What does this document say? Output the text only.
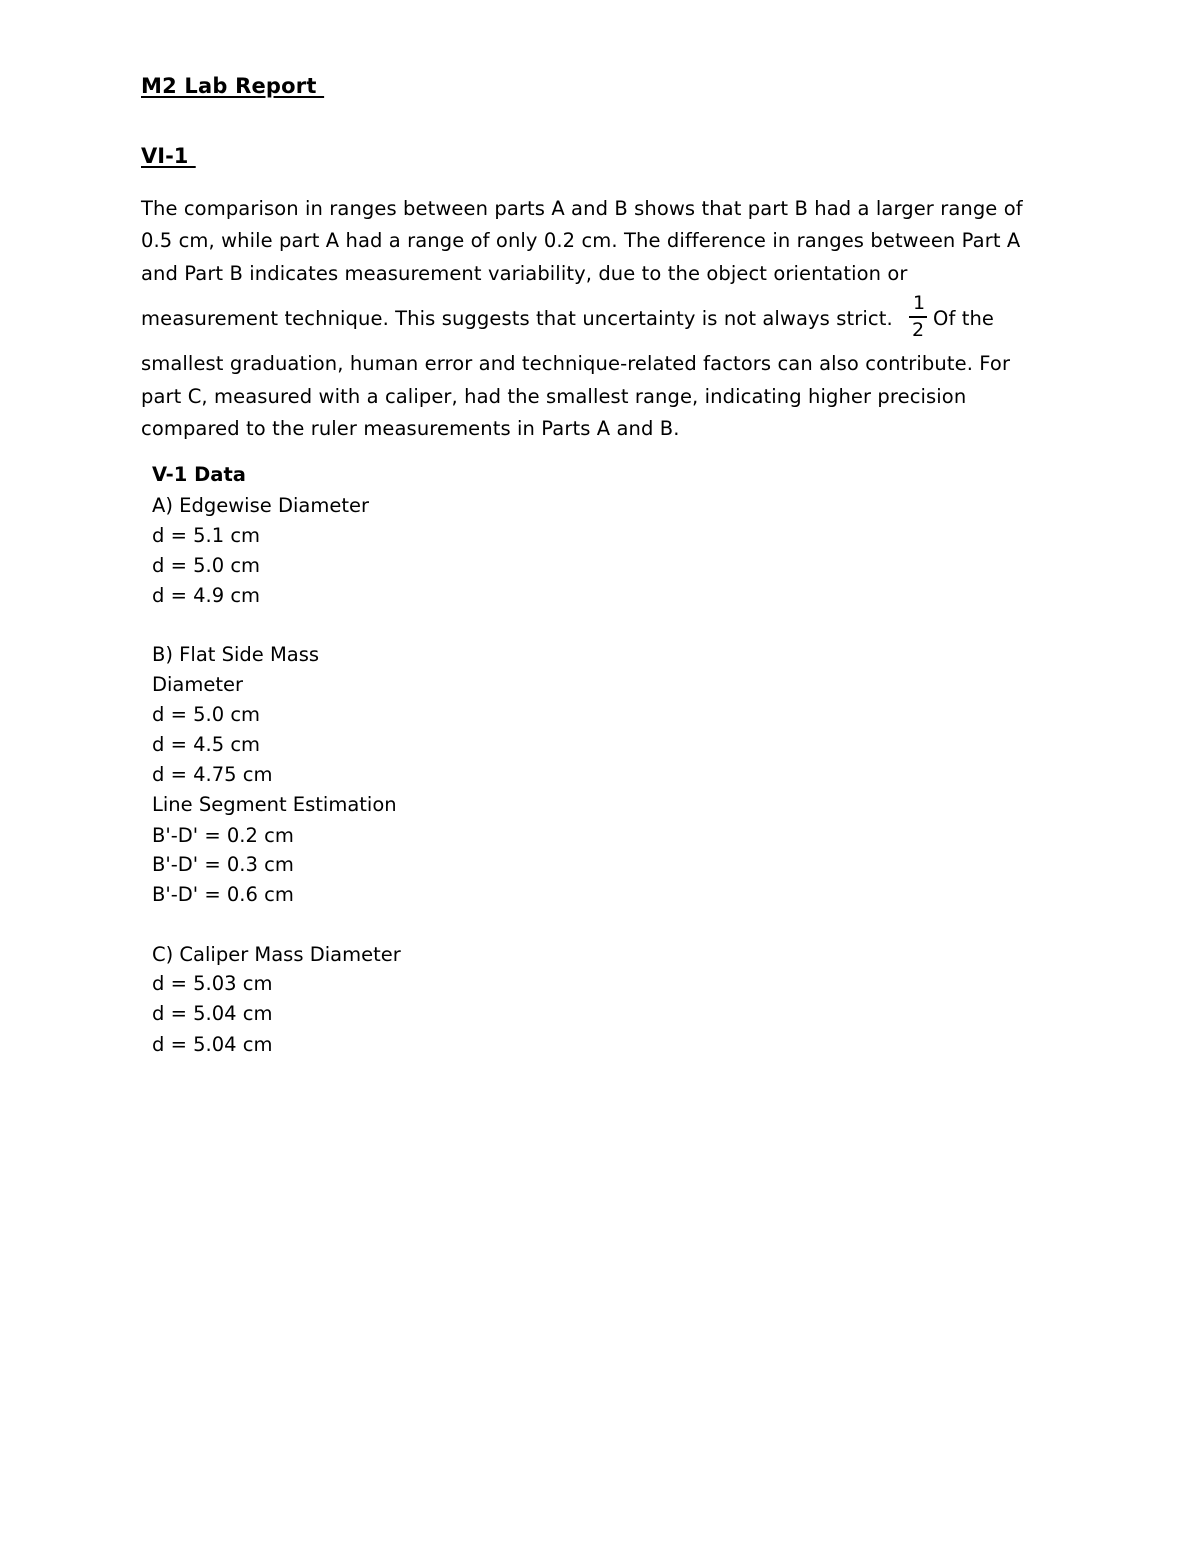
M2 Lab Report
VI-1
The comparison in ranges between parts A and B shows that part B had a larger range of
0.5 cm, while part A had a range of only 0.2 cm. The difference in ranges between Part A
and Part B indicates measurement variability, due to the object orientation or
measurement technique. This suggests that uncertainty is not always strict.
1
2 Of the
smallest graduation, human error and technique-related factors can also contribute. For
part C, measured with a caliper, had the smallest range, indicating higher precision
compared to the ruler measurements in Parts A and B.
V-1 Data
A) Edgewise Diameter
d = 5.1 cm
d = 5.0 cm
d = 4.9 cm
B) Flat Side Mass
Diameter
d = 5.0 cm
d = 4.5 cm
d = 4.75 cm
Line Segment Estimation
B'-D' = 0.2 cm
B'-D' = 0.3 cm
B'-D' = 0.6 cm
C) Caliper Mass Diameter
d = 5.03 cm
d = 5.04 cm
d = 5.04 cm
